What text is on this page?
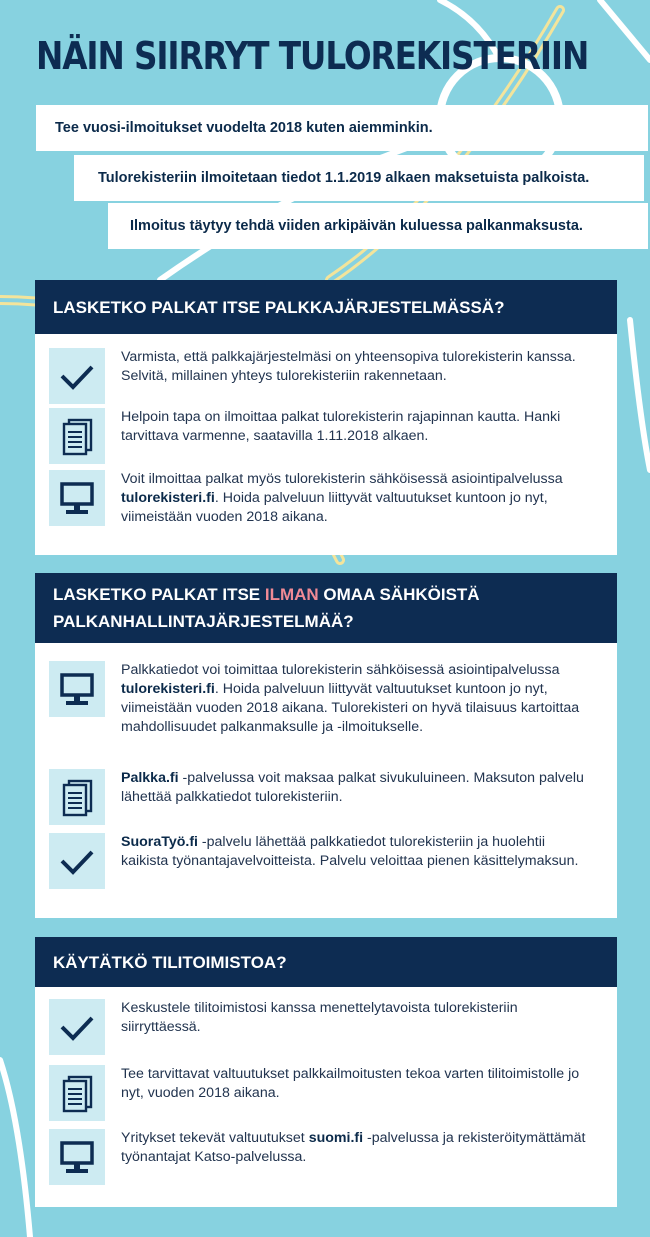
NÄIN SIIRRYT TULOREKISTERIIN
Tee vuosi-ilmoitukset vuodelta 2018 kuten aiemminkin.
Tulorekisteriin ilmoitetaan tiedot 1.1.2019 alkaen maksetuista palkoista.
Ilmoitus täytyy tehdä viiden arkipäivän kuluessa palkanmaksusta.
LASKETKO PALKAT ITSE PALKKAJÄRJESTELMÄSSÄ?
Varmista, että palkkajärjestelmäsi on yhteensopiva tulorekisterin kanssa. Selvitä, millainen yhteys tulorekisteriin rakennetaan.
Helpoin tapa on ilmoittaa palkat tulorekisterin rajapinnan kautta. Hanki tarvittava varmenne, saatavilla 1.11.2018 alkaen.
Voit ilmoittaa palkat myös tulorekisterin sähköisessä asiointipalvelussa tulorekisteri.fi. Hoida palveluun liittyvät valtuutukset kuntoon jo nyt, viimeistään vuoden 2018 aikana.
LASKETKO PALKAT ITSE ILMAN OMAA SÄHKÖISTÄ PALKANHALLINTAJÄRJESTELMÄÄ?
Palkkatiedot voi toimittaa tulorekisterin sähköisessä asiointipalvelussa tulorekisteri.fi. Hoida palveluun liittyvät valtuutukset kuntoon jo nyt, viimeistään vuoden 2018 aikana. Tulorekisteri on hyvä tilaisuus kartoittaa mahdollisuudet palkanmaksulle ja -ilmoitukselle.
Palkka.fi -palvelussa voit maksaa palkat sivukuluineen. Maksuton palvelu lähettää palkkatiedot tulorekisteriin.
SuoraTyö.fi -palvelu lähettää palkkatiedot tulorekisteriin ja huolehtii kaikista työnantajavelvoitteista. Palvelu veloittaa pienen käsittelymaksun.
KÄYTÄTKÖ TILITOIMISTOA?
Keskustele tilitoimistosi kanssa menettelytavoista tulorekisteriin siirryttäessä.
Tee tarvittavat valtuutukset palkkailmoitusten tekoa varten tilitoimistolle jo nyt, vuoden 2018 aikana.
Yritykset tekevät valtuutukset suomi.fi -palvelussa ja rekisteröitymättämät työnantajat Katso-palvelussa.
